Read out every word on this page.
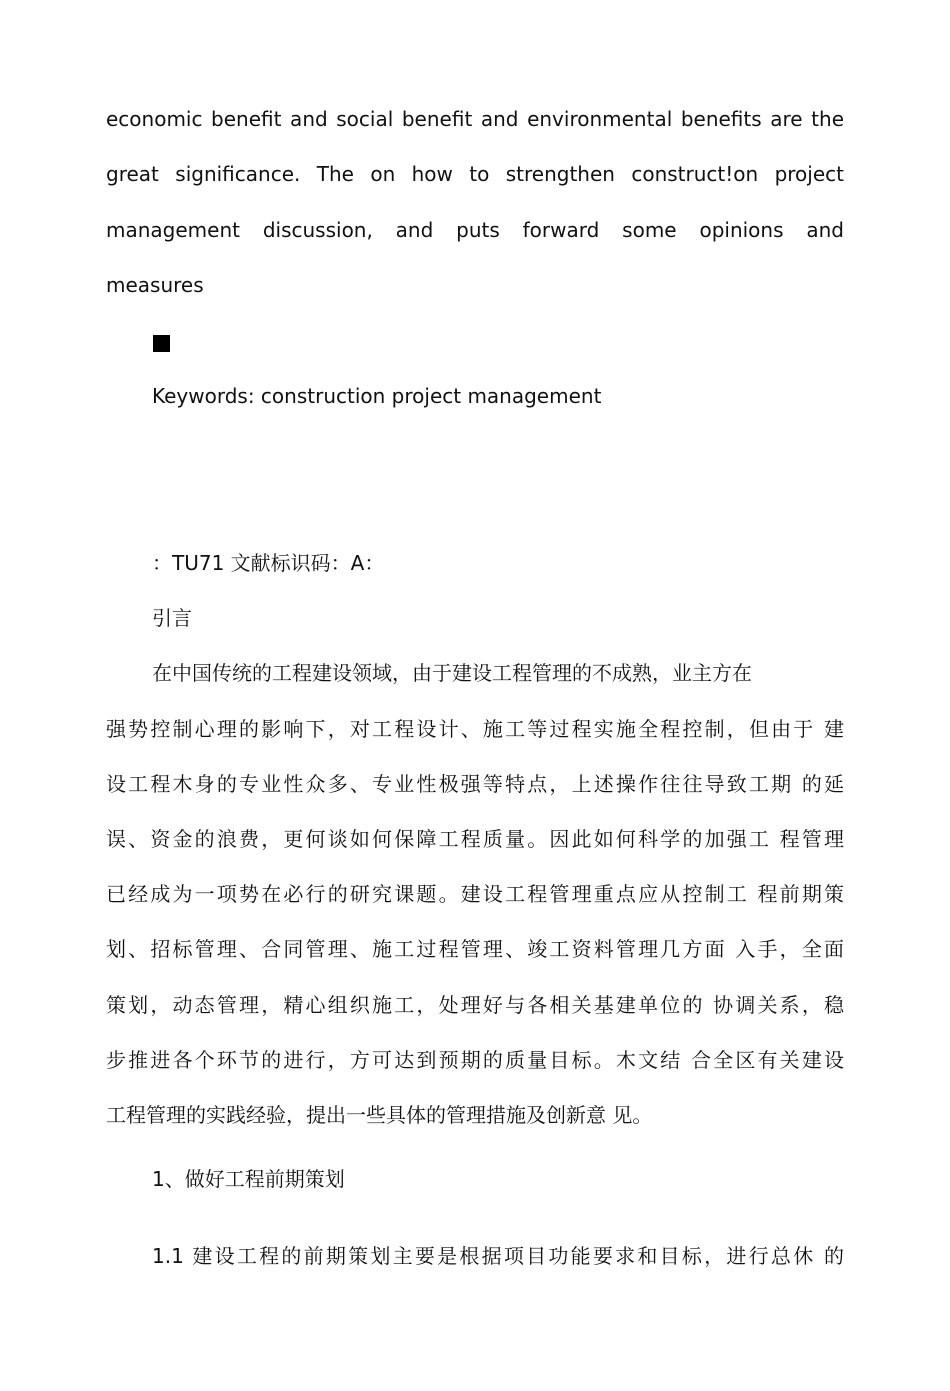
economic benefit and social benefit and environmental benefits are the
great significance. The on how to strengthen construct!on project
management discussion, and puts forward some opinions and
measures
Keywords: construction project management
：TU71 文献标识码：A：
引言
在中国传统的工程建设领域，由于建设工程管理的不成熟，业主方在
强势控制心理的影响下，对工程设计、施工等过程实施全程控制，但由于 建
设工程木身的专业性众多、专业性极强等特点，上述操作往往导致工期 的延
误、资金的浪费，更何谈如何保障工程质量。因此如何科学的加强工 程管理
已经成为一项势在必行的研究课题。建设工程管理重点应从控制工 程前期策
划、招标管理、合同管理、施工过程管理、竣工资料管理几方面 入手，全面
策划，动态管理，精心组织施工，处理好与各相关基建单位的 协调关系，稳
步推进各个环节的进行，方可达到预期的质量目标。木文结 合全区有关建设
工程管理的实践经验，提出一些具体的管理措施及创新意 见。
1、做好工程前期策划
1.1 建设工程的前期策划主要是根据项目功能要求和目标，进行总休 的
